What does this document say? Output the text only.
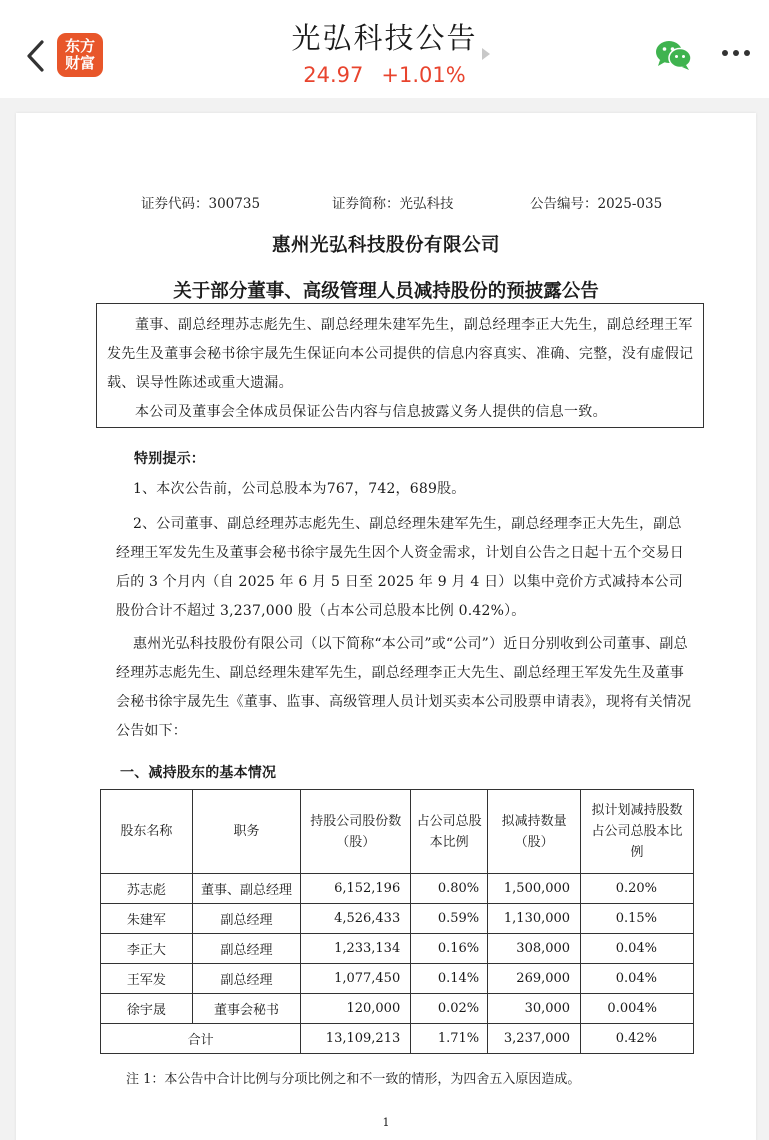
东方
财富
光弘科技公告
24.97 +1.01%
证券代码：300735	证券简称：光弘科技	公告编号：2025-035
惠州光弘科技股份有限公司
关于部分董事、高级管理人员减持股份的预披露公告

董事、副总经理苏志彪先生、副总经理朱建军先生，副总经理李正大先生，副总经理王军发先生及董事会秘书徐宇晟先生保证向本公司提供的信息内容真实、准确、完整，没有虚假记载、误导性陈述或重大遗漏。

本公司及董事会全体成员保证公告内容与信息披露义务人提供的信息一致。

特别提示：
1、本次公告前，公司总股本为767，742，689股。
2、公司董事、副总经理苏志彪先生、副总经理朱建军先生，副总经理李正大先生，副总经理王军发先生及董事会秘书徐宇晟先生因个人资金需求，计划自公告之日起十五个交易日后的 3 个月内（自 2025 年 6 月 5 日至 2025 年 9 月 4 日）以集中竞价方式减持本公司股份合计不超过 3,237,000 股（占本公司总股本比例 0.42%）。
惠州光弘科技股份有限公司（以下简称“本公司”或“公司”）近日分别收到公司董事、副总经理苏志彪先生、副总经理朱建军先生，副总经理李正大先生、副总经理王军发先生及董事会秘书徐宇晟先生《董事、监事、高级管理人员计划买卖本公司股票申请表》，现将有关情况公告如下：
一、减持股东的基本情况
股东名称	职务	持股公司股份数（股）	占公司总股本比例	拟减持数量（股）	拟计划减持股数占公司总股本比例
苏志彪	董事、副总经理	6,152,196	0.80%	1,500,000	0.20%
朱建军	副总经理	4,526,433	0.59%	1,130,000	0.15%
李正大	副总经理	1,233,134	0.16%	308,000	0.04%
王军发	副总经理	1,077,450	0.14%	269,000	0.04%
徐宇晟	董事会秘书	120,000	0.02%	30,000	0.004%
合计		13,109,213	1.71%	3,237,000	0.42%
注 1：本公告中合计比例与分项比例之和不一致的情形，为四舍五入原因造成。
1
